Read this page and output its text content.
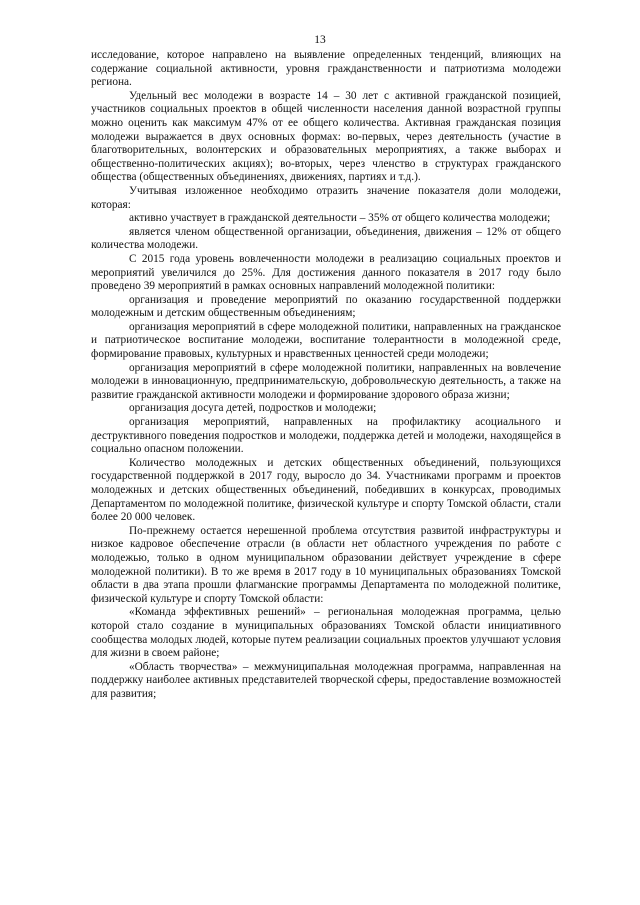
13

исследование, которое направлено на выявление определенных тенденций, влияющих на содержание социальной активности, уровня гражданственности и патриотизма молодежи региона.

Удельный вес молодежи в возрасте 14 – 30 лет с активной гражданской позицией, участников социальных проектов в общей численности населения данной возрастной группы можно оценить как максимум 47% от ее общего количества. Активная гражданская позиция молодежи выражается в двух основных формах: во-первых, через деятельность (участие в благотворительных, волонтерских и образовательных мероприятиях, а также выборах и общественно-политических акциях); во-вторых, через членство в структурах гражданского общества (общественных объединениях, движениях, партиях и т.д.).

Учитывая изложенное необходимо отразить значение показателя доли молодежи, которая:

активно участвует в гражданской деятельности – 35% от общего количества молодежи;

является членом общественной организации, объединения, движения – 12% от общего количества молодежи.

С 2015 года уровень вовлеченности молодежи в реализацию социальных проектов и мероприятий увеличился до 25%. Для достижения данного показателя в 2017 году было проведено 39 мероприятий в рамках основных направлений молодежной политики:

организация и проведение мероприятий по оказанию государственной поддержки молодежным и детским общественным объединениям;

организация мероприятий в сфере молодежной политики, направленных на гражданское и патриотическое воспитание молодежи, воспитание толерантности в молодежной среде, формирование правовых, культурных и нравственных ценностей среди молодежи;

организация мероприятий в сфере молодежной политики, направленных на вовлечение молодежи в инновационную, предпринимательскую, добровольческую деятельность, а также на развитие гражданской активности молодежи и формирование здорового образа жизни;

организация досуга детей, подростков и молодежи;

организация мероприятий, направленных на профилактику асоциального и деструктивного поведения подростков и молодежи, поддержка детей и молодежи, находящейся в социально опасном положении.

Количество молодежных и детских общественных объединений, пользующихся государственной поддержкой в 2017 году, выросло до 34. Участниками программ и проектов молодежных и детских общественных объединений, победивших в конкурсах, проводимых Департаментом по молодежной политике, физической культуре и спорту Томской области, стали более 20 000 человек.

По-прежнему остается нерешенной проблема отсутствия развитой инфраструктуры и низкое кадровое обеспечение отрасли (в области нет областного учреждения по работе с молодежью, только в одном муниципальном образовании действует учреждение в сфере молодежной политики). В то же время в 2017 году в 10 муниципальных образованиях Томской области в два этапа прошли флагманские программы Департамента по молодежной политике, физической культуре и спорту Томской области:

«Команда эффективных решений» – региональная молодежная программа, целью которой стало создание в муниципальных образованиях Томской области инициативного сообщества молодых людей, которые путем реализации социальных проектов улучшают условия для жизни в своем районе;

«Область творчества» – межмуниципальная молодежная программа, направленная на поддержку наиболее активных представителей творческой сферы, предоставление возможностей для развития;
